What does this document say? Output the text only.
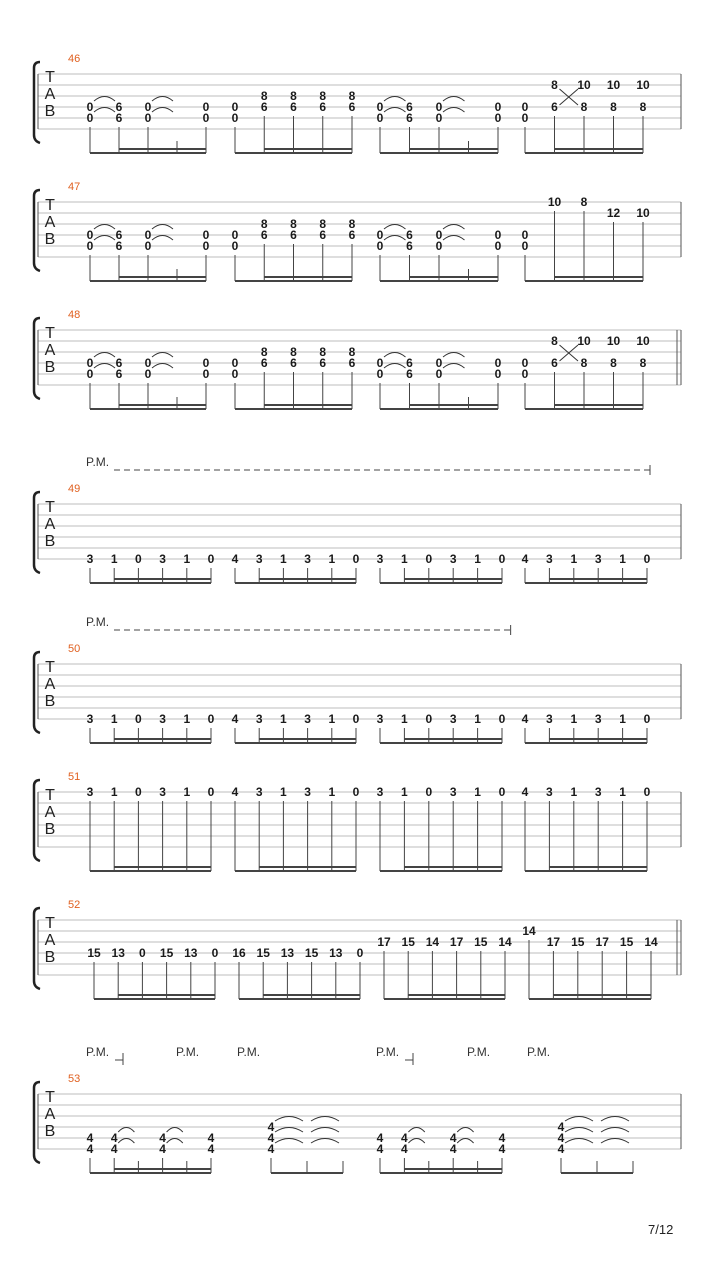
46
T
A
B	0
0
6
6
0
0
0
0
0
0
8
6
8
6
8
6
8
6 0
0
6
6
0
0
0
0
0
0
8
6
10
8
10
8
10
8
47
T
A
B	0
0
6
6
0
0
0
0
0
0
8
6
8
6
8
6
8
6 0
0
6
6
0
0
0
0
0
0
10 8
12 10
48
T
A
B	0
0
6
6
0
0
0
0
0
0
8
6
8
6
8
6
8
6 0
0
6
6
0
0
0
0
0
0
8
6
10
8
10
8
10
8
49
T
A
B
P.M.
3 1 0 3 1 0 4 3 1 3 1 0 3 1 0 3 1 0 4 3 1 3 1 0
50
T
A
B
P.M.
3 1 0 3 1 0 4 3 1 3 1 0 3 1 0 3 1 0 4 3 1 3 1 0
51
T
A
B
3 1 0 3 1 0 4 3 1 3 1 0 3 1 0 3 1 0 4 3 1 3 1 0
52
T
A
B	15 13 0 15 13 0 16 15 13 15 13 0
17 15 14 17 15 14
14
17 15 17 15 14
53
T
A
B
P.M.	P.M.	P.M.	P.M.	P.M.	P.M.
4
4
4
4
4
4
4
4
4
4
4
4
4
4
4
4
4
4
4
4
4
4
7/12
